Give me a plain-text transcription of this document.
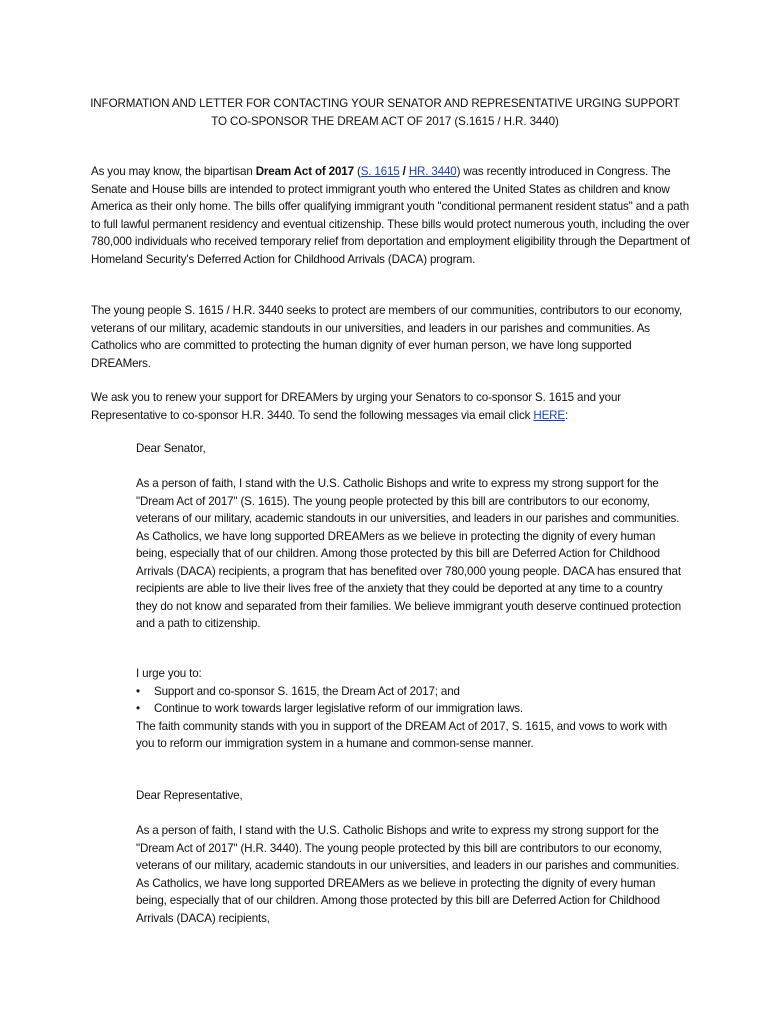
INFORMATION AND LETTER FOR CONTACTING YOUR SENATOR AND REPRESENTATIVE URGING SUPPORT
TO CO-SPONSOR THE DREAM ACT OF 2017 (S.1615 / H.R. 3440)

As you may know, the bipartisan Dream Act of 2017 (S. 1615 / HR. 3440) was recently introduced in Congress. The Senate and House bills are intended to protect immigrant youth who entered the United States as children and know America as their only home. The bills offer qualifying immigrant youth "conditional permanent resident status" and a path to full lawful permanent residency and eventual citizenship. These bills would protect numerous youth, including the over 780,000 individuals who received temporary relief from deportation and employment eligibility through the Department of Homeland Security's Deferred Action for Childhood Arrivals (DACA) program.

The young people S. 1615 / H.R. 3440 seeks to protect are members of our communities, contributors to our economy, veterans of our military, academic standouts in our universities, and leaders in our parishes and communities. As Catholics who are committed to protecting the human dignity of ever human person, we have long supported DREAMers.

We ask you to renew your support for DREAMers by urging your Senators to co-sponsor S. 1615 and your Representative to co-sponsor H.R. 3440. To send the following messages via email click HERE:

Dear Senator,

As a person of faith, I stand with the U.S. Catholic Bishops and write to express my strong support for the "Dream Act of 2017" (S. 1615). The young people protected by this bill are contributors to our economy, veterans of our military, academic standouts in our universities, and leaders in our parishes and communities. As Catholics, we have long supported DREAMers as we believe in protecting the dignity of every human being, especially that of our children. Among those protected by this bill are Deferred Action for Childhood Arrivals (DACA) recipients, a program that has benefited over 780,000 young people. DACA has ensured that recipients are able to live their lives free of the anxiety that they could be deported at any time to a country they do not know and separated from their families. We believe immigrant youth deserve continued protection and a path to citizenship.

I urge you to:
• Support and co-sponsor S. 1615, the Dream Act of 2017; and
• Continue to work towards larger legislative reform of our immigration laws.
The faith community stands with you in support of the DREAM Act of 2017, S. 1615, and vows to work with you to reform our immigration system in a humane and common-sense manner.

Dear Representative,

As a person of faith, I stand with the U.S. Catholic Bishops and write to express my strong support for the "Dream Act of 2017" (H.R. 3440). The young people protected by this bill are contributors to our economy, veterans of our military, academic standouts in our universities, and leaders in our parishes and communities. As Catholics, we have long supported DREAMers as we believe in protecting the dignity of every human being, especially that of our children. Among those protected by this bill are Deferred Action for Childhood Arrivals (DACA) recipients,
